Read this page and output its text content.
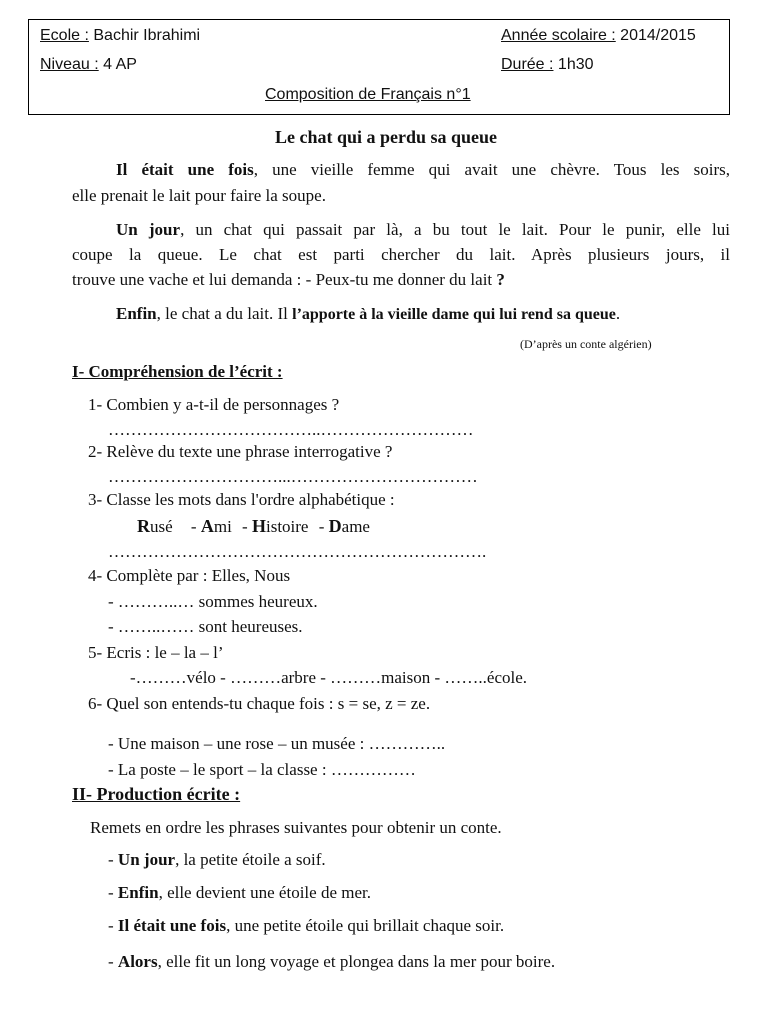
Ecole : Bachir Ibrahimi	Année scolaire : 2014/2015
Niveau : 4 AP	Durée : 1h30
Composition de Français n°1
Le chat qui a perdu sa queue
Il était une fois, une vieille femme qui avait une chèvre. Tous les soirs,
elle prenait le lait pour faire la soupe.
Un jour, un chat qui passait par là, a bu tout le lait. Pour le punir, elle lui
coupe la queue. Le chat est parti chercher du lait. Après plusieurs jours, il
trouve une vache et lui demanda : - Peux-tu me donner du lait ?
Enfin, le chat a du lait. Il l’apporte à la vieille dame qui lui rend sa queue.
(D’après un conte algérien)
I- Compréhension de l’écrit :
1- Combien y a-t-il de personnages ?
………………………………..………………………
2- Relève du texte une phrase interrogative ?
…………………………...……………………………
3- Classe les mots dans l'ordre alphabétique :
Rusé - Ami - Histoire - Dame
………………………………………………………….
4- Complète par : Elles, Nous
- ………..… sommes heureux.
- ……..…… sont heureuses.
5- Ecris : le – la – l’
-………vélo - ………arbre - ………maison - ……..école.
6- Quel son entends-tu chaque fois : s = se, z = ze.
- Une maison – une rose – un musée : …………..
- La poste – le sport – la classe : ……………
II- Production écrite :
Remets en ordre les phrases suivantes pour obtenir un conte.
- Un jour, la petite étoile a soif.
- Enfin, elle devient une étoile de mer.
- Il était une fois, une petite étoile qui brillait chaque soir.
- Alors, elle fit un long voyage et plongea dans la mer pour boire.
